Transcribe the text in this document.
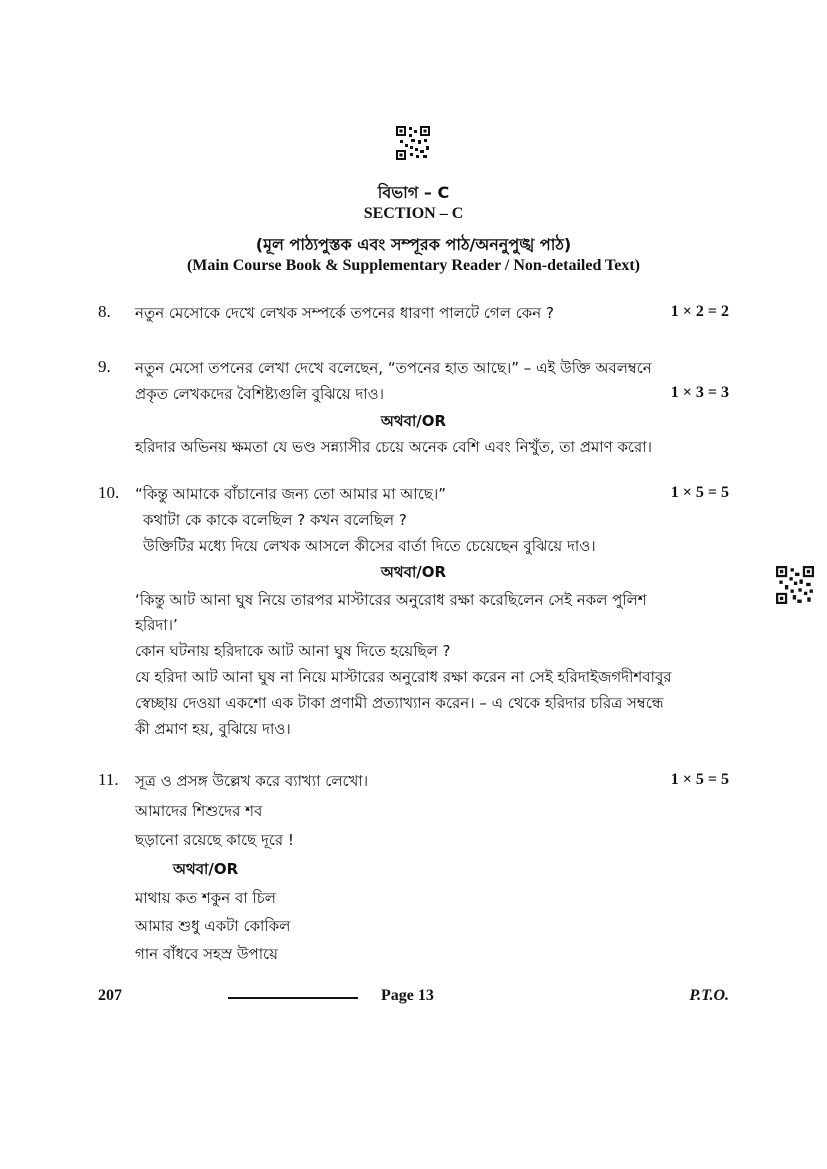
বিভাগ – C
SECTION – C
(মূল পাঠ্যপুস্তক এবং সম্পূরক পাঠ/অননুপুঙ্খ পাঠ)
(Main Course Book & Supplementary Reader / Non-detailed Text)
8. নতুন মেসোকে দেখে লেখক সম্পর্কে তপনের ধারণা পালটে গেল কেন ?	1 × 2 = 2
9. নতুন মেসো তপনের লেখা দেখে বলেছেন, “তপনের হাত আছে।” – এই উক্তি অবলম্বনে
প্রকৃত লেখকদের বৈশিষ্ট্যগুলি বুঝিয়ে দাও।	1 × 3 = 3
অথবা/OR
হরিদার অভিনয় ক্ষমতা যে ভণ্ড সন্ন্যাসীর চেয়ে অনেক বেশি এবং নিখুঁত, তা প্রমাণ করো।
10. “কিন্তু আমাকে বাঁচানোর জন্য তো আমার মা আছে।”	1 × 5 = 5
কথাটা কে কাকে বলেছিল ? কখন বলেছিল ?
উক্তিটির মধ্যে দিয়ে লেখক আসলে কীসের বার্তা দিতে চেয়েছেন বুঝিয়ে দাও।
অথবা/OR
‘কিন্তু আট আনা ঘুষ নিয়ে তারপর মাস্টারের অনুরোধ রক্ষা করেছিলেন সেই নকল পুলিশ
হরিদা।’
কোন ঘটনায় হরিদাকে আট আনা ঘুষ দিতে হয়েছিল ?
যে হরিদা আট আনা ঘুষ না নিয়ে মাস্টারের অনুরোধ রক্ষা করেন না সেই হরিদাইজগদীশবাবুর
স্বেচ্ছায় দেওয়া একশো এক টাকা প্রণামী প্রত্যাখ্যান করেন। – এ থেকে হরিদার চরিত্র সম্বন্ধে
কী প্রমাণ হয়, বুঝিয়ে দাও।
11. সূত্র ও প্রসঙ্গ উল্লেখ করে ব্যাখ্যা লেখো।	1 × 5 = 5
আমাদের শিশুদের শব
ছড়ানো রয়েছে কাছে দূরে !
অথবা/OR
মাথায় কত শকুন বা চিল
আমার শুধু একটা কোকিল
গান বাঁধবে সহস্র উপায়ে
207	Page 13	P.T.O.
